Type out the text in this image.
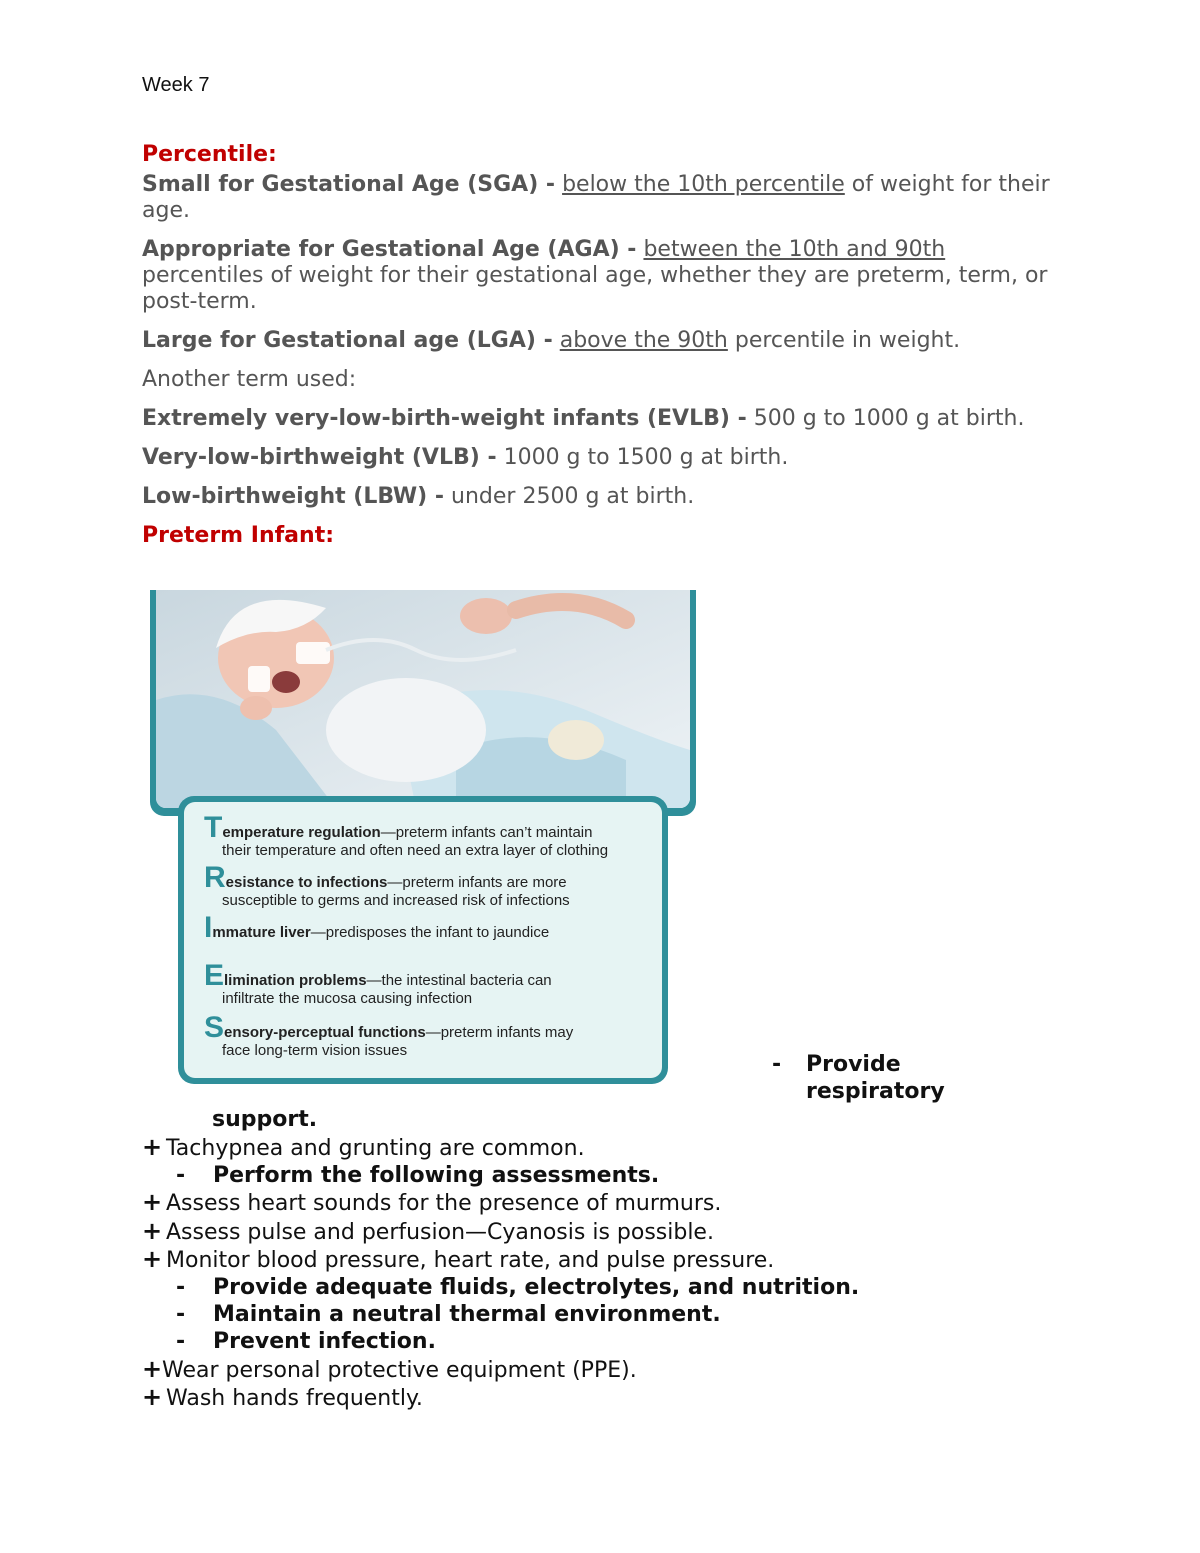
Week 7
Percentile:
Small for Gestational Age (SGA) - below the 10th percentile of weight for their age.
Appropriate for Gestational Age (AGA) - between the 10th and 90th percentiles of weight for their gestational age, whether they are preterm, term, or post-term.
Large for Gestational age (LGA) - above the 90th percentile in weight.
Another term used:
Extremely very-low-birth-weight infants (EVLB) - 500 g to 1000 g at birth.
Very-low-birthweight (VLB) - 1000 g to 1500 g at birth.
Low-birthweight (LBW) - under 2500 g at birth.
Preterm Infant:
Temperature regulation—preterm infants can’t maintain
their temperature and often need an extra layer of clothing
Resistance to infections—preterm infants are more
susceptible to germs and increased risk of infections
Immature liver—predisposes the infant to jaundice
Elimination problems—the intestinal bacteria can
infiltrate the mucosa causing infection
Sensory-perceptual functions—preterm infants may
face long-term vision issues
- Provide
respiratory
support.
+ Tachypnea and grunting are common.
- Perform the following assessments.
+ Assess heart sounds for the presence of murmurs.
+ Assess pulse and perfusion—Cyanosis is possible.
+ Monitor blood pressure, heart rate, and pulse pressure.
- Provide adequate fluids, electrolytes, and nutrition.
- Maintain a neutral thermal environment.
- Prevent infection.
+Wear personal protective equipment (PPE).
+ Wash hands frequently.
